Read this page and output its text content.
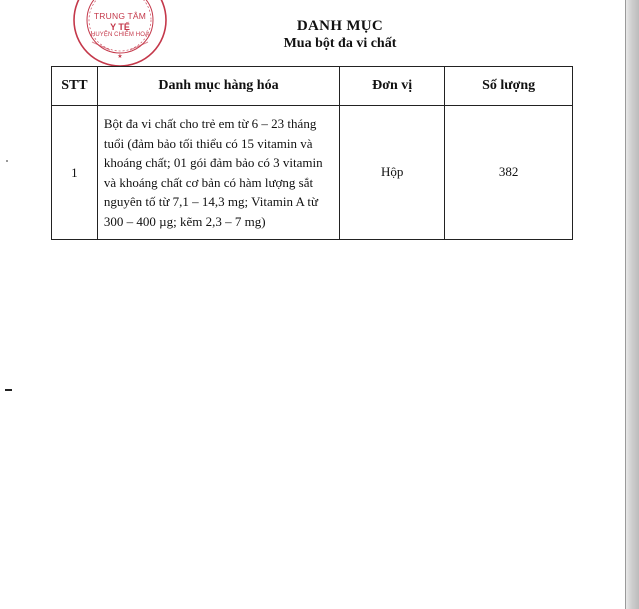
★
TRUNG TÂM
Y TẾ
HUYỆN CHIÊM HOÁ
DANH MỤC
Mua bột đa vi chất
STT	Danh mục hàng hóa	Đơn vị	Số lượng
1	Bột đa vi chất cho trẻ em từ 6 – 23 tháng tuổi (đảm bảo tối thiểu có 15 vitamin và khoáng chất; 01 gói đảm bảo có 3 vitamin và khoáng chất cơ bản có hàm lượng sắt nguyên tố từ 7,1 – 14,3 mg; Vitamin A từ 300 – 400 µg; kẽm 2,3 – 7 mg)	Hộp	382
